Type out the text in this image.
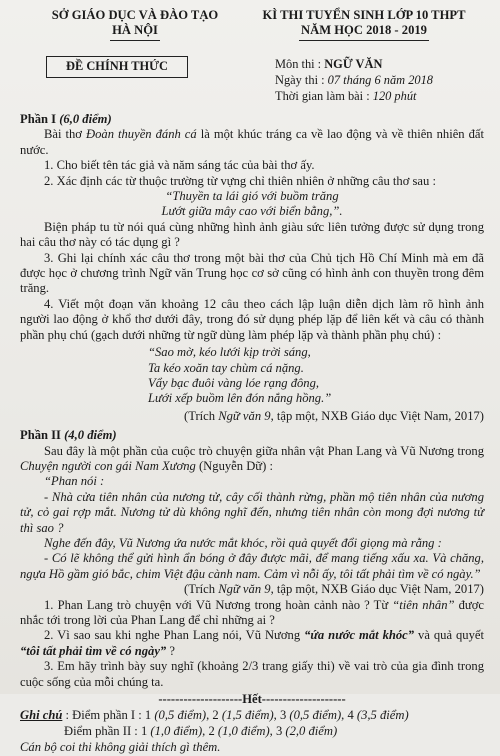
SỞ GIÁO DỤC VÀ ĐÀO TẠO
HÀ NỘI
KÌ THI TUYỂN SINH LỚP 10 THPT
NĂM HỌC 2018 - 2019
ĐỀ CHÍNH THỨC	Môn thi : NGỮ VĂN
Ngày thi : 07 tháng 6 năm 2018
Thời gian làm bài : 120 phút
Phần I (6,0 điểm)

Bài thơ Đoàn thuyền đánh cá là một khúc tráng ca về lao động và về thiên nhiên đất nước.

1. Cho biết tên tác giả và năm sáng tác của bài thơ ấy.

2. Xác định các từ thuộc trường từ vựng chỉ thiên nhiên ở những câu thơ sau :

“Thuyền ta lái gió với buồm trăng

Lướt giữa mây cao với biển bằng,”.

Biện pháp tu từ nói quá cùng những hình ảnh giàu sức liên tưởng được sử dụng trong hai câu thơ này có tác dụng gì ?

3. Ghi lại chính xác câu thơ trong một bài thơ của Chủ tịch Hồ Chí Minh mà em đã được học ở chương trình Ngữ văn Trung học cơ sở cũng có hình ảnh con thuyền trong đêm trăng.

4. Viết một đoạn văn khoảng 12 câu theo cách lập luận diễn dịch làm rõ hình ảnh người lao động ở khổ thơ dưới đây, trong đó sử dụng phép lặp để liên kết và câu có thành phần phụ chú (gạch dưới những từ ngữ dùng làm phép lặp và thành phần phụ chú) :

“Sao mờ, kéo lưới kịp trời sáng,
Ta kéo xoăn tay chùm cá nặng.
Vẩy bạc đuôi vàng lóe rạng đông,
Lưới xếp buồm lên đón nắng hồng.”

(Trích Ngữ văn 9, tập một, NXB Giáo dục Việt Nam, 2017)

Phần II (4,0 điểm)

Sau đây là một phần của cuộc trò chuyện giữa nhân vật Phan Lang và Vũ Nương trong Chuyện người con gái Nam Xương (Nguyễn Dữ) :

“Phan nói :

- Nhà cửa tiên nhân của nương tử, cây cối thành rừng, phần mộ tiên nhân của nương tử, cỏ gai rợp mắt. Nương tử dù không nghĩ đến, nhưng tiên nhân còn mong đợi nương tử thì sao ?

Nghe đến đây, Vũ Nương ứa nước mắt khóc, rồi quả quyết đổi giọng mà rằng :

- Có lẽ không thể gửi hình ẩn bóng ở đây được mãi, để mang tiếng xấu xa. Và chăng, ngựa Hồ gầm gió bắc, chim Việt đậu cành nam. Cảm vì nỗi ấy, tôi tất phải tìm về có ngày.”

(Trích Ngữ văn 9, tập một, NXB Giáo dục Việt Nam, 2017)

1. Phan Lang trò chuyện với Vũ Nương trong hoàn cảnh nào ? Từ “tiên nhân” được nhắc tới trong lời của Phan Lang để chỉ những ai ?

2. Vì sao sau khi nghe Phan Lang nói, Vũ Nương “ứa nước mắt khóc” và quả quyết “tôi tất phải tìm về có ngày” ?

3. Em hãy trình bày suy nghĩ (khoảng 2/3 trang giấy thi) về vai trò của gia đình trong cuộc sống của mỗi chúng ta.

--------------------Hết--------------------
Ghi chú : Điểm phần I : 1 (0,5 điểm), 2 (1,5 điểm), 3 (0,5 điểm), 4 (3,5 điểm)
Điểm phần II : 1 (1,0 điểm), 2 (1,0 điểm), 3 (2,0 điểm)
Cán bộ coi thi không giải thích gì thêm.
